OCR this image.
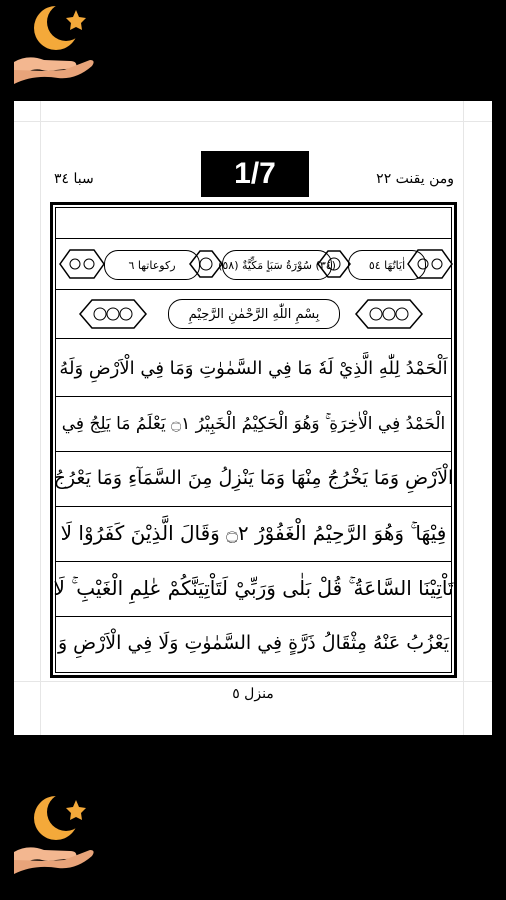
1/7
سبا ٣٤	ومن يقنت ٢٢
ركوعاتها ٦	(٣٤) سُوْرَةُ سَبَاٍ مَكِّيَّةٌ (٥٨)	اٰيَاتُهَا ٥٤
بِسْمِ اللّٰهِ الرَّحْمٰنِ الرَّحِيْمِ
اَلْحَمْدُ لِلّٰهِ الَّذِيْ لَهٗ مَا فِي السَّمٰوٰتِ وَمَا فِي الْاَرْضِ وَلَهُ
الْحَمْدُ فِي الْاٰخِرَةِ ۚ وَهُوَ الْحَكِيْمُ الْخَبِيْرُ ۝١ يَعْلَمُ مَا يَلِجُ فِي
الْاَرْضِ وَمَا يَخْرُجُ مِنْهَا وَمَا يَنْزِلُ مِنَ السَّمَآءِ وَمَا يَعْرُجُ
فِيْهَا ۚ وَهُوَ الرَّحِيْمُ الْغَفُوْرُ ۝٢ وَقَالَ الَّذِيْنَ كَفَرُوْا لَا
تَاْتِيْنَا السَّاعَةُ ۚ قُلْ بَلٰى وَرَبِّيْ لَتَاْتِيَنَّكُمْ عٰلِمِ الْغَيْبِ ۚ لَا
يَعْزُبُ عَنْهُ مِثْقَالُ ذَرَّةٍ فِي السَّمٰوٰتِ وَلَا فِي الْاَرْضِ وَ
منزل ٥
